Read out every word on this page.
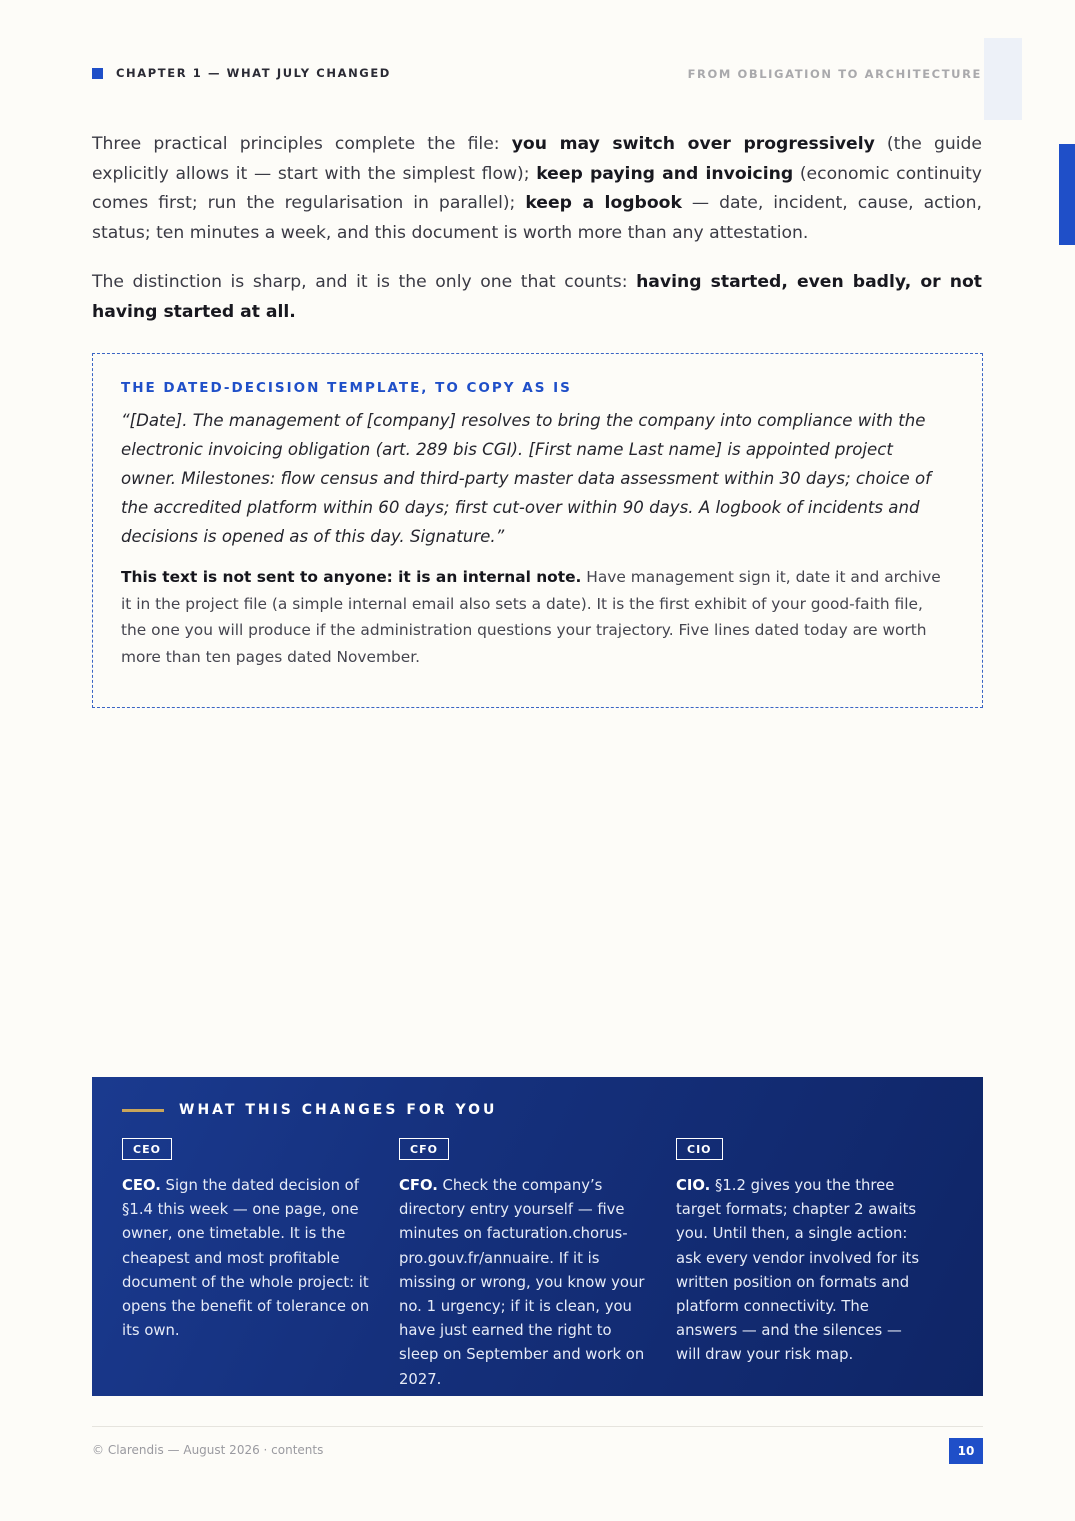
CHAPTER 1 — WHAT JULY CHANGED	FROM OBLIGATION TO ARCHITECTURE

Three practical principles complete the file: you may switch over progressively (the guide explicitly allows it — start with the simplest flow); keep paying and invoicing (economic continuity comes first; run the regularisation in parallel); keep a logbook — date, incident, cause, action, status; ten minutes a week, and this document is worth more than any attestation.

The distinction is sharp, and it is the only one that counts: having started, even badly, or not having started at all.

THE DATED-DECISION TEMPLATE, TO COPY AS IS

“[Date]. The management of [company] resolves to bring the company into compliance with the electronic invoicing obligation (art. 289 bis CGI). [First name Last name] is appointed project owner. Milestones: flow census and third-party master data assessment within 30 days; choice of the accredited platform within 60 days; first cut-over within 90 days. A logbook of incidents and decisions is opened as of this day. Signature.”

This text is not sent to anyone: it is an internal note. Have management sign it, date it and archive it in the project file (a simple internal email also sets a date). It is the first exhibit of your good-faith file, the one you will produce if the administration questions your trajectory. Five lines dated today are worth more than ten pages dated November.

WHAT THIS CHANGES FOR YOU
CEO

CEO. Sign the dated decision of §1.4 this week — one page, one owner, one timetable. It is the cheapest and most profitable document of the whole project: it opens the benefit of tolerance on its own.

CFO

CFO. Check the company’s directory entry yourself — five minutes on facturation.chorus-pro.gouv.fr/annuaire. If it is missing or wrong, you know your no. 1 urgency; if it is clean, you have just earned the right to sleep on September and work on 2027.

CIO

CIO. §1.2 gives you the three target formats; chapter 2 awaits you. Until then, a single action: ask every vendor involved for its written position on formats and platform connectivity. The answers — and the silences — will draw your risk map.

© Clarendis — August 2026 · contents	10
